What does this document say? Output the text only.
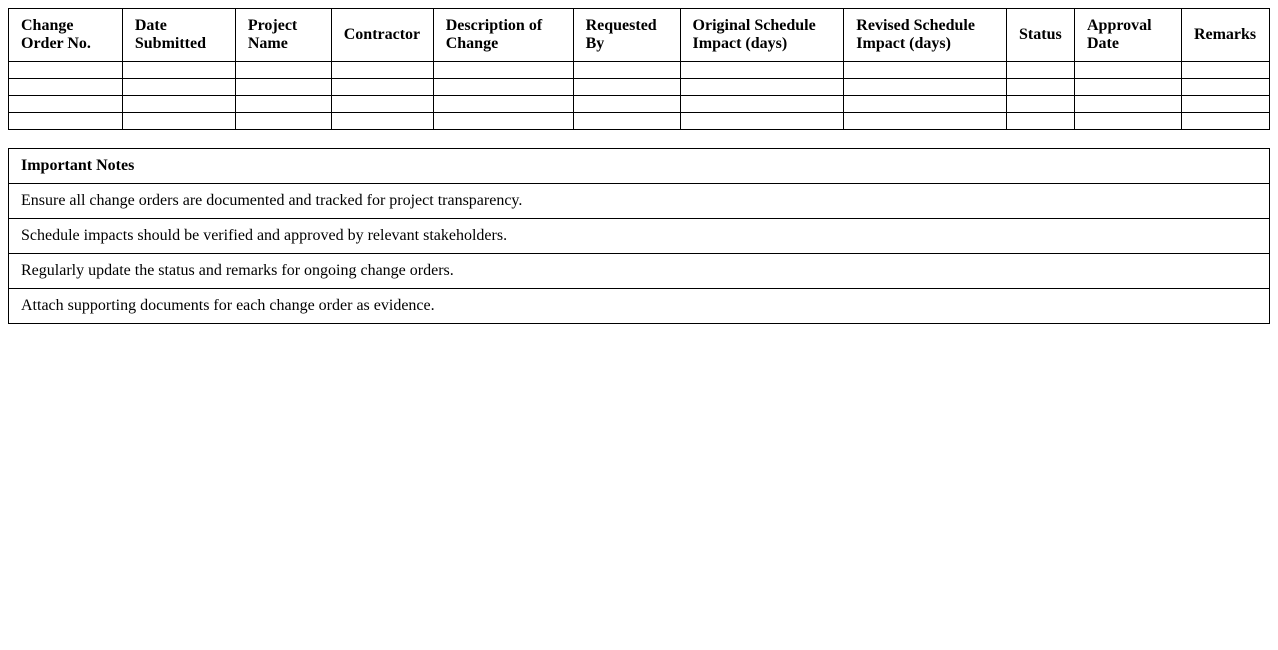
Change Order No.	Date Submitted	Project Name	Contractor	Description of Change	Requested By	Original Schedule Impact (days)	Revised Schedule Impact (days)	Status	Approval Date	Remarks

Important Notes
Ensure all change orders are documented and tracked for project transparency.
Schedule impacts should be verified and approved by relevant stakeholders.
Regularly update the status and remarks for ongoing change orders.
Attach supporting documents for each change order as evidence.
